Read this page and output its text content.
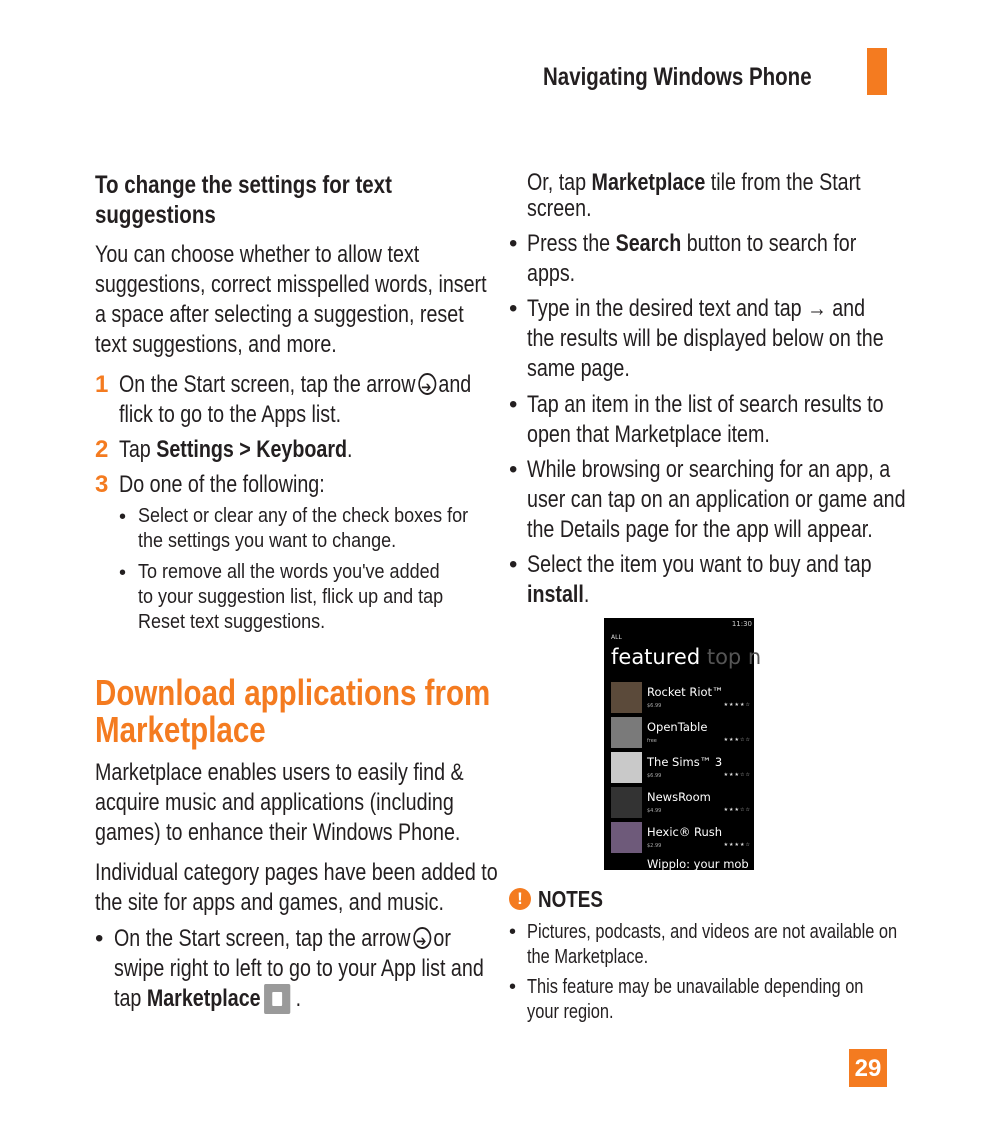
Navigating Windows Phone
To change the settings for text
suggestions
You can choose whether to allow text
suggestions, correct misspelled words, insert
a space after selecting a suggestion, reset
text suggestions, and more.
1 On the Start screen, tap the arrow ➔ and
flick to go to the Apps list.
2 Tap Settings > Keyboard.
3 Do one of the following:
• Select or clear any of the check boxes for
the settings you want to change.
• To remove all the words you've added
to your suggestion list, flick up and tap
Reset text suggestions.
Download applications from
Marketplace
Marketplace enables users to easily find &
acquire music and applications (including
games) to enhance their Windows Phone.
Individual category pages have been added to
the site for apps and games, and music.
• On the Start screen, tap the arrow ➔ or
swipe right to left to go to your App list and
tap Marketplace .
Or, tap Marketplace tile from the Start
screen.
• Press the Search button to search for
apps.
• Type in the desired text and tap → and
the results will be displayed below on the
same page.
• Tap an item in the list of search results to
open that Marketplace item.
• While browsing or searching for an app, a
user can tap on an application or game and
the Details page for the app will appear.
• Select the item you want to buy and tap
install.
11:30
ALL
featured top n
Rocket Riot™
$6.99	★★★★☆
OpenTable
free	★★★☆☆
The Sims™ 3
$6.99	★★★☆☆
NewsRoom
$4.99	★★★☆☆
Hexic® Rush
$2.99	★★★★☆
Wipplo: your mob
! NOTES
• Pictures, podcasts, and videos are not available on
the Marketplace.
• This feature may be unavailable depending on
your region.
29
